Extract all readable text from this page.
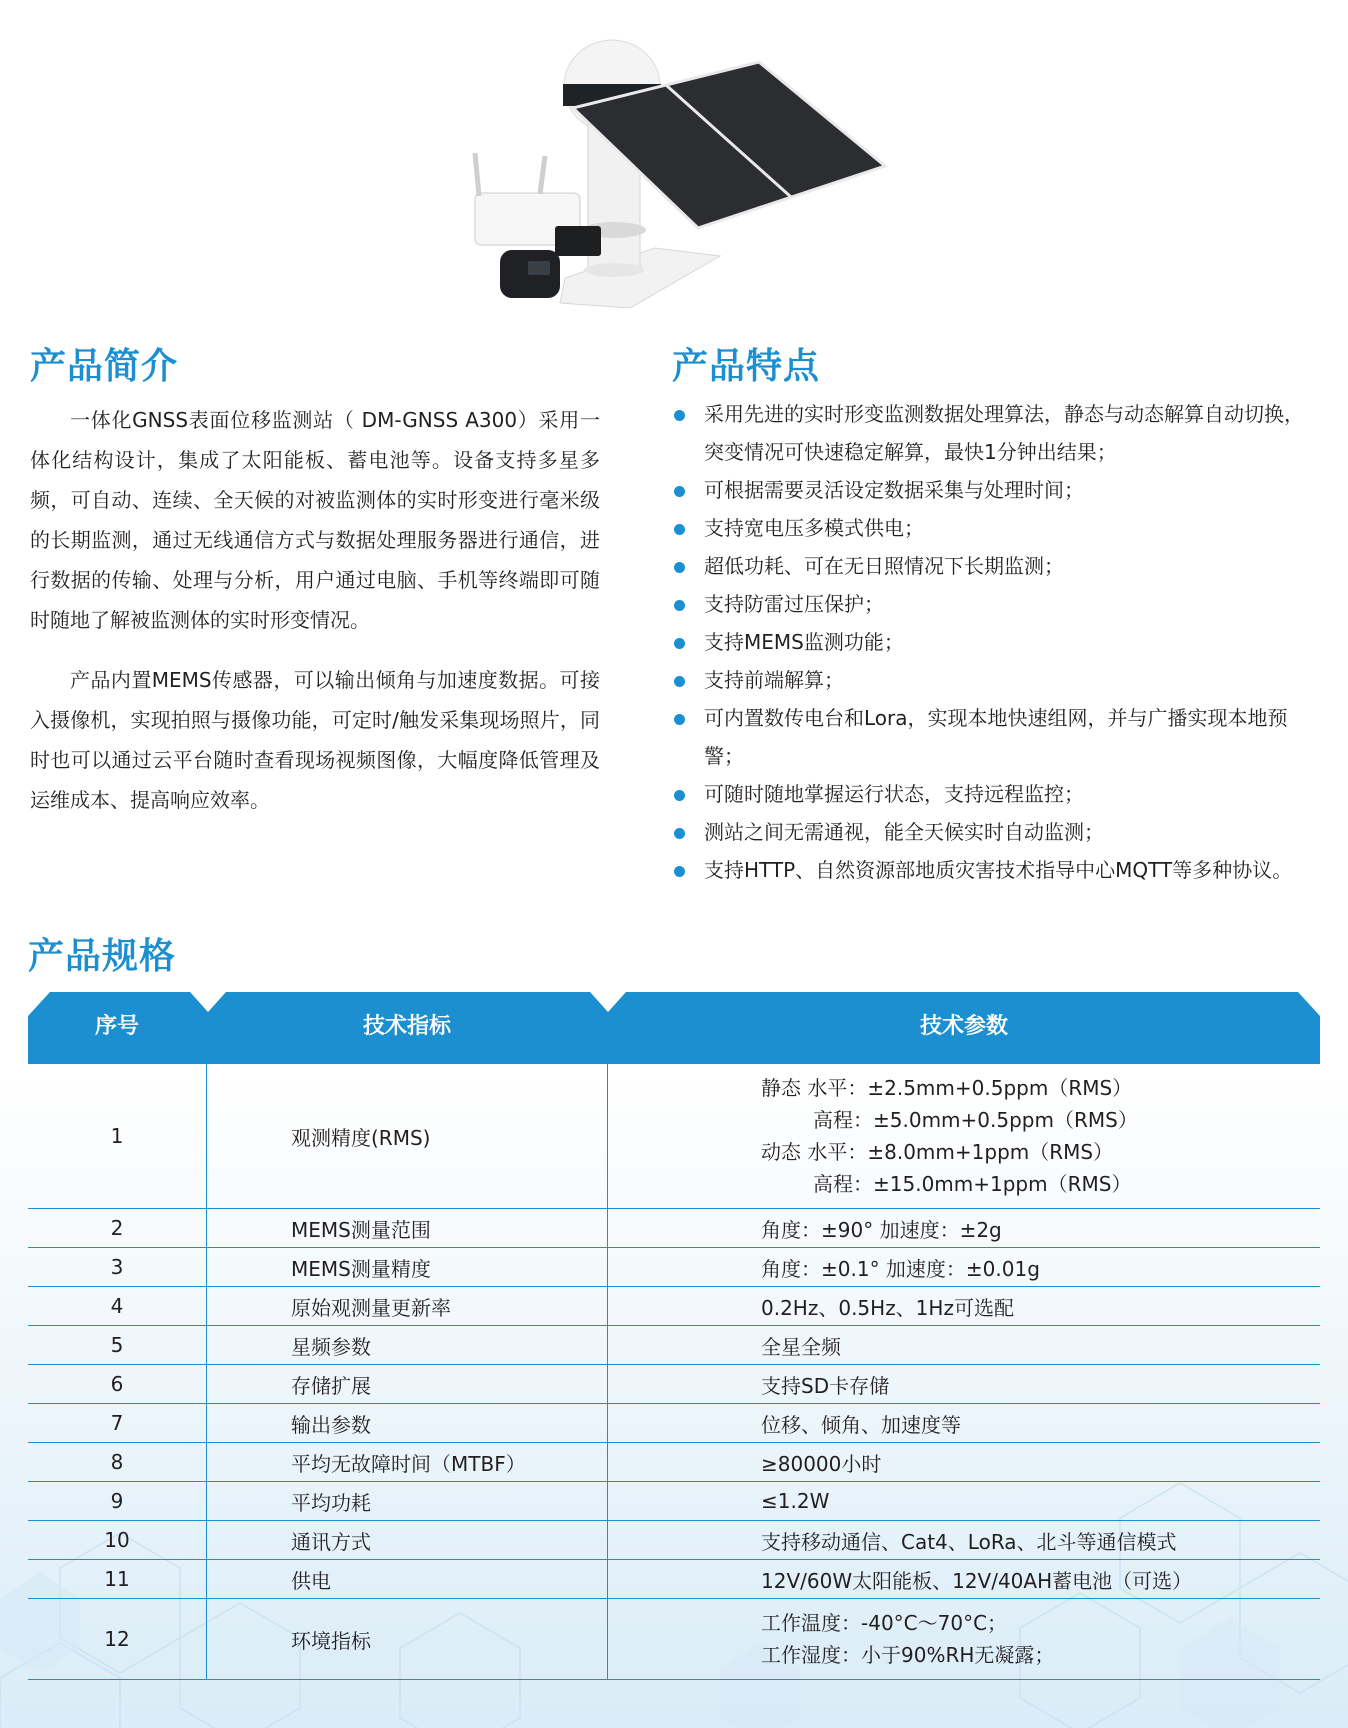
产品简介

一体化GNSS表面位移监测站（ DM-GNSS A300）采用一体化结构设计，集成了太阳能板、蓄电池等。设备支持多星多频，可自动、连续、全天候的对被监测体的实时形变进行毫米级的长期监测，通过无线通信方式与数据处理服务器进行通信，进行数据的传输、处理与分析，用户通过电脑、手机等终端即可随时随地了解被监测体的实时形变情况。

产品内置MEMS传感器，可以输出倾角与加速度数据。可接入摄像机，实现拍照与摄像功能，可定时/触发采集现场照片，同时也可以通过云平台随时查看现场视频图像，大幅度降低管理及运维成本、提高响应效率。

产品特点
采用先进的实时形变监测数据处理算法，静态与动态解算自动切换，突变情况可快速稳定解算，最快1分钟出结果；
可根据需要灵活设定数据采集与处理时间；
支持宽电压多模式供电；
超低功耗、可在无日照情况下长期监测；
支持防雷过压保护；
支持MEMS监测功能；
支持前端解算；
可内置数传电台和Lora，实现本地快速组网，并与广播实现本地预警；
可随时随地掌握运行状态，支持远程监控；
测站之间无需通视，能全天候实时自动监测；
支持HTTP、自然资源部地质灾害技术指导中心MQTT等多种协议。
产品规格
序号	技术指标	技术参数
1	观测精度(RMS)	静态 水平：±2.5mm+0.5ppm（RMS）
高程：±5.0mm+0.5ppm（RMS）
动态 水平：±8.0mm+1ppm（RMS）
高程：±15.0mm+1ppm（RMS）

2	MEMS测量范围	角度：±90° 加速度：±2g
3	MEMS测量精度	角度：±0.1° 加速度：±0.01g
4	原始观测量更新率	0.2Hz、0.5Hz、1Hz可选配
5	星频参数	全星全频
6	存储扩展	支持SD卡存储
7	输出参数	位移、倾角、加速度等
8	平均无故障时间（MTBF）	≥80000小时
9	平均功耗	≤1.2W
10	通讯方式	支持移动通信、Cat4、LoRa、北斗等通信模式
11	供电	12V/60W太阳能板、12V/40AH蓄电池（可选）
12	环境指标	工作温度：-40°C～70°C；
工作湿度：小于90%RH无凝露；
